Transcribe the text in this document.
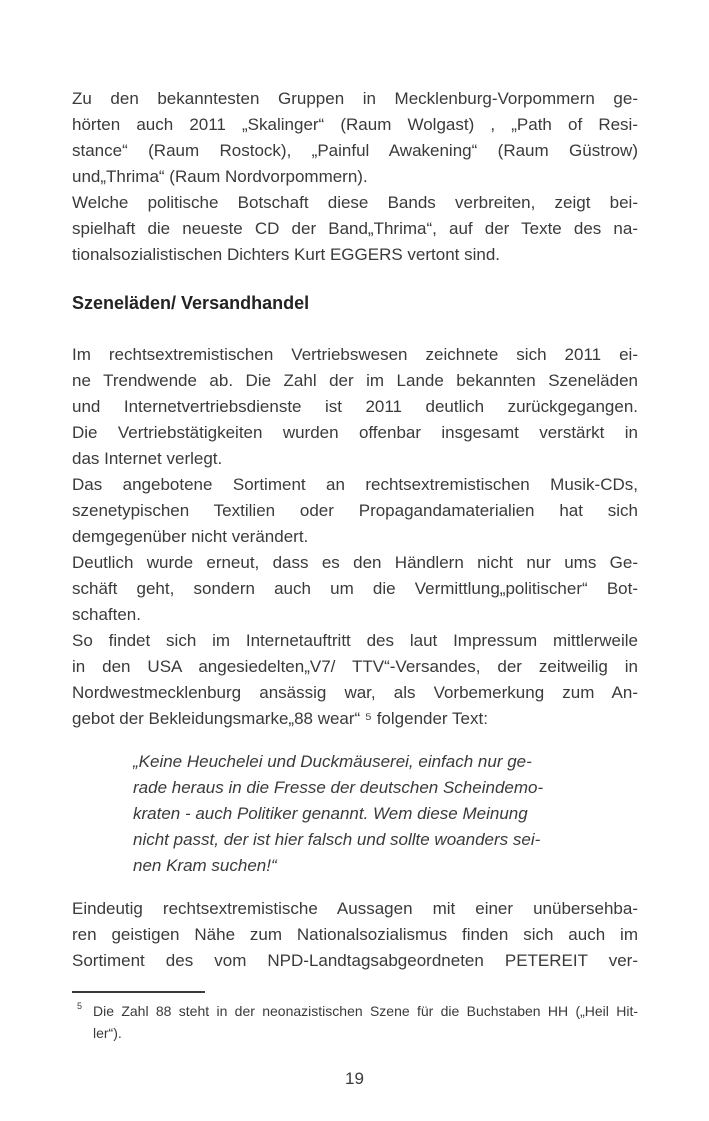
Zu den bekanntesten Gruppen in Mecklenburg-Vorpommern ge-
hörten auch 2011 „Skalinger“ (Raum Wolgast) , „Path of Resi-
stance“ (Raum Rostock), „Painful Awakening“ (Raum Güstrow)
und„Thrima“ (Raum Nordvorpommern).
Welche politische Botschaft diese Bands verbreiten, zeigt bei-
spielhaft die neueste CD der Band„Thrima“, auf der Texte des na-
tionalsozialistischen Dichters Kurt EGGERS vertont sind.
Szeneläden/ Versandhandel
Im rechtsextremistischen Vertriebswesen zeichnete sich 2011 ei-
ne Trendwende ab. Die Zahl der im Lande bekannten Szeneläden
und Internetvertriebsdienste ist 2011 deutlich zurückgegangen.
Die Vertriebstätigkeiten wurden offenbar insgesamt verstärkt in
das Internet verlegt.
Das angebotene Sortiment an rechtsextremistischen Musik-CDs,
szenetypischen Textilien oder Propagandamaterialien hat sich
demgegenüber nicht verändert.
Deutlich wurde erneut, dass es den Händlern nicht nur ums Ge-
schäft geht, sondern auch um die Vermittlung„politischer“ Bot-
schaften.
So findet sich im Internetauftritt des laut Impressum mittlerweile
in den USA angesiedelten„V7/ TTV“-Versandes, der zeitweilig in
Nordwestmecklenburg ansässig war, als Vorbemerkung zum An-
gebot der Bekleidungsmarke„88 wear“ ⁵ folgender Text:
„Keine Heuchelei und Duckmäuserei, einfach nur ge-
rade heraus in die Fresse der deutschen Scheindemo-
kraten - auch Politiker genannt. Wem diese Meinung
nicht passt, der ist hier falsch und sollte woanders sei-
nen Kram suchen!“
Eindeutig rechtsextremistische Aussagen mit einer unübersehba-
ren geistigen Nähe zum Nationalsozialismus finden sich auch im
Sortiment des vom NPD-Landtagsabgeordneten PETEREIT ver-
5 Die Zahl 88 steht in der neonazistischen Szene für die Buchstaben HH („Heil Hit-
ler“).
19
